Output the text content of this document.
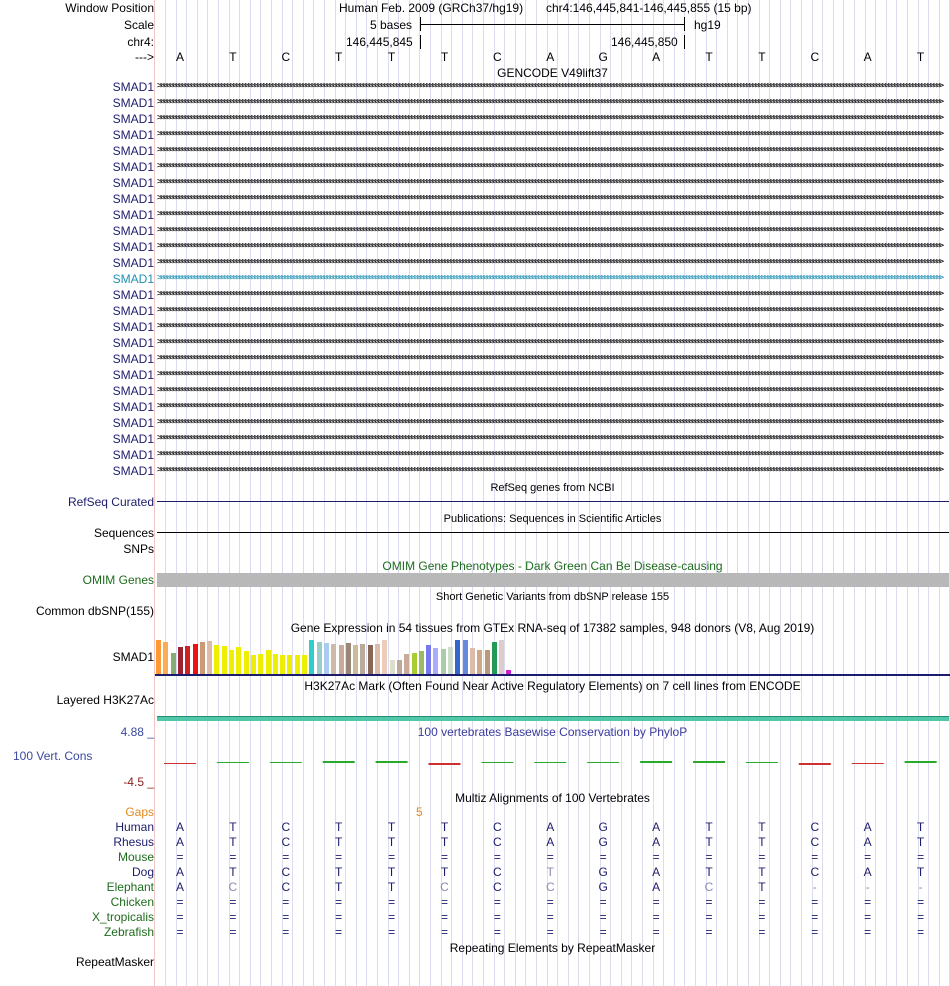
Window Position
Scale
chr4:
--->
Human Feb. 2009 (GRCh37/hg19) chr4:146,445,841-146,445,855 (15 bp)
5 bases	hg19
146,445,845	146,445,850
A	T	C	T	T	T	C	A	G	A	T	T	C	A	T
GENCODE V49lift37
SMAD1 >>>>>>>>>>>>>>>>>>>>>>>>>>>>>>>>>>>>>>>>>>>>>>>>>>>>>>>>>>>>>>>>>>>>>>>>>>>>>>>>>>>>>>>>>>>>>>>>>>>>>>>>>>>>>>>>>>>>>>>>>>>>>>>>>>>>>>>>>>>>>>>>>>>>>>>>>>>>>>>>>>>>>>>>>>>>>>>>>>>>>>>>>>>>>>>>>>>>>>>>>>>>>>>>>>>>>>>>>>>>>>>>>>>>>>>>>>>>>>>>>>>>>>>>>>>>>>>>>>>>
SMAD1 >>>>>>>>>>>>>>>>>>>>>>>>>>>>>>>>>>>>>>>>>>>>>>>>>>>>>>>>>>>>>>>>>>>>>>>>>>>>>>>>>>>>>>>>>>>>>>>>>>>>>>>>>>>>>>>>>>>>>>>>>>>>>>>>>>>>>>>>>>>>>>>>>>>>>>>>>>>>>>>>>>>>>>>>>>>>>>>>>>>>>>>>>>>>>>>>>>>>>>>>>>>>>>>>>>>>>>>>>>>>>>>>>>>>>>>>>>>>>>>>>>>>>>>>>>>>>>>>>>>>
SMAD1 >>>>>>>>>>>>>>>>>>>>>>>>>>>>>>>>>>>>>>>>>>>>>>>>>>>>>>>>>>>>>>>>>>>>>>>>>>>>>>>>>>>>>>>>>>>>>>>>>>>>>>>>>>>>>>>>>>>>>>>>>>>>>>>>>>>>>>>>>>>>>>>>>>>>>>>>>>>>>>>>>>>>>>>>>>>>>>>>>>>>>>>>>>>>>>>>>>>>>>>>>>>>>>>>>>>>>>>>>>>>>>>>>>>>>>>>>>>>>>>>>>>>>>>>>>>>>>>>>>>>
SMAD1 >>>>>>>>>>>>>>>>>>>>>>>>>>>>>>>>>>>>>>>>>>>>>>>>>>>>>>>>>>>>>>>>>>>>>>>>>>>>>>>>>>>>>>>>>>>>>>>>>>>>>>>>>>>>>>>>>>>>>>>>>>>>>>>>>>>>>>>>>>>>>>>>>>>>>>>>>>>>>>>>>>>>>>>>>>>>>>>>>>>>>>>>>>>>>>>>>>>>>>>>>>>>>>>>>>>>>>>>>>>>>>>>>>>>>>>>>>>>>>>>>>>>>>>>>>>>>>>>>>>>
SMAD1 >>>>>>>>>>>>>>>>>>>>>>>>>>>>>>>>>>>>>>>>>>>>>>>>>>>>>>>>>>>>>>>>>>>>>>>>>>>>>>>>>>>>>>>>>>>>>>>>>>>>>>>>>>>>>>>>>>>>>>>>>>>>>>>>>>>>>>>>>>>>>>>>>>>>>>>>>>>>>>>>>>>>>>>>>>>>>>>>>>>>>>>>>>>>>>>>>>>>>>>>>>>>>>>>>>>>>>>>>>>>>>>>>>>>>>>>>>>>>>>>>>>>>>>>>>>>>>>>>>>>
SMAD1 >>>>>>>>>>>>>>>>>>>>>>>>>>>>>>>>>>>>>>>>>>>>>>>>>>>>>>>>>>>>>>>>>>>>>>>>>>>>>>>>>>>>>>>>>>>>>>>>>>>>>>>>>>>>>>>>>>>>>>>>>>>>>>>>>>>>>>>>>>>>>>>>>>>>>>>>>>>>>>>>>>>>>>>>>>>>>>>>>>>>>>>>>>>>>>>>>>>>>>>>>>>>>>>>>>>>>>>>>>>>>>>>>>>>>>>>>>>>>>>>>>>>>>>>>>>>>>>>>>>>
SMAD1 >>>>>>>>>>>>>>>>>>>>>>>>>>>>>>>>>>>>>>>>>>>>>>>>>>>>>>>>>>>>>>>>>>>>>>>>>>>>>>>>>>>>>>>>>>>>>>>>>>>>>>>>>>>>>>>>>>>>>>>>>>>>>>>>>>>>>>>>>>>>>>>>>>>>>>>>>>>>>>>>>>>>>>>>>>>>>>>>>>>>>>>>>>>>>>>>>>>>>>>>>>>>>>>>>>>>>>>>>>>>>>>>>>>>>>>>>>>>>>>>>>>>>>>>>>>>>>>>>>>>
SMAD1 >>>>>>>>>>>>>>>>>>>>>>>>>>>>>>>>>>>>>>>>>>>>>>>>>>>>>>>>>>>>>>>>>>>>>>>>>>>>>>>>>>>>>>>>>>>>>>>>>>>>>>>>>>>>>>>>>>>>>>>>>>>>>>>>>>>>>>>>>>>>>>>>>>>>>>>>>>>>>>>>>>>>>>>>>>>>>>>>>>>>>>>>>>>>>>>>>>>>>>>>>>>>>>>>>>>>>>>>>>>>>>>>>>>>>>>>>>>>>>>>>>>>>>>>>>>>>>>>>>>>
SMAD1 >>>>>>>>>>>>>>>>>>>>>>>>>>>>>>>>>>>>>>>>>>>>>>>>>>>>>>>>>>>>>>>>>>>>>>>>>>>>>>>>>>>>>>>>>>>>>>>>>>>>>>>>>>>>>>>>>>>>>>>>>>>>>>>>>>>>>>>>>>>>>>>>>>>>>>>>>>>>>>>>>>>>>>>>>>>>>>>>>>>>>>>>>>>>>>>>>>>>>>>>>>>>>>>>>>>>>>>>>>>>>>>>>>>>>>>>>>>>>>>>>>>>>>>>>>>>>>>>>>>>
SMAD1 >>>>>>>>>>>>>>>>>>>>>>>>>>>>>>>>>>>>>>>>>>>>>>>>>>>>>>>>>>>>>>>>>>>>>>>>>>>>>>>>>>>>>>>>>>>>>>>>>>>>>>>>>>>>>>>>>>>>>>>>>>>>>>>>>>>>>>>>>>>>>>>>>>>>>>>>>>>>>>>>>>>>>>>>>>>>>>>>>>>>>>>>>>>>>>>>>>>>>>>>>>>>>>>>>>>>>>>>>>>>>>>>>>>>>>>>>>>>>>>>>>>>>>>>>>>>>>>>>>>>
SMAD1 >>>>>>>>>>>>>>>>>>>>>>>>>>>>>>>>>>>>>>>>>>>>>>>>>>>>>>>>>>>>>>>>>>>>>>>>>>>>>>>>>>>>>>>>>>>>>>>>>>>>>>>>>>>>>>>>>>>>>>>>>>>>>>>>>>>>>>>>>>>>>>>>>>>>>>>>>>>>>>>>>>>>>>>>>>>>>>>>>>>>>>>>>>>>>>>>>>>>>>>>>>>>>>>>>>>>>>>>>>>>>>>>>>>>>>>>>>>>>>>>>>>>>>>>>>>>>>>>>>>>
SMAD1 >>>>>>>>>>>>>>>>>>>>>>>>>>>>>>>>>>>>>>>>>>>>>>>>>>>>>>>>>>>>>>>>>>>>>>>>>>>>>>>>>>>>>>>>>>>>>>>>>>>>>>>>>>>>>>>>>>>>>>>>>>>>>>>>>>>>>>>>>>>>>>>>>>>>>>>>>>>>>>>>>>>>>>>>>>>>>>>>>>>>>>>>>>>>>>>>>>>>>>>>>>>>>>>>>>>>>>>>>>>>>>>>>>>>>>>>>>>>>>>>>>>>>>>>>>>>>>>>>>>>
SMAD1 >>>>>>>>>>>>>>>>>>>>>>>>>>>>>>>>>>>>>>>>>>>>>>>>>>>>>>>>>>>>>>>>>>>>>>>>>>>>>>>>>>>>>>>>>>>>>>>>>>>>>>>>>>>>>>>>>>>>>>>>>>>>>>>>>>>>>>>>>>>>>>>>>>>>>>>>>>>>>>>>>>>>>>>>>>>>>>>>>>>>>>>>>>>>>>>>>>>>>>>>>>>>>>>>>>>>>>>>>>>>>>>>>>>>>>>>>>>>>>>>>>>>>>>>>>>>>>>>>>>>
SMAD1 >>>>>>>>>>>>>>>>>>>>>>>>>>>>>>>>>>>>>>>>>>>>>>>>>>>>>>>>>>>>>>>>>>>>>>>>>>>>>>>>>>>>>>>>>>>>>>>>>>>>>>>>>>>>>>>>>>>>>>>>>>>>>>>>>>>>>>>>>>>>>>>>>>>>>>>>>>>>>>>>>>>>>>>>>>>>>>>>>>>>>>>>>>>>>>>>>>>>>>>>>>>>>>>>>>>>>>>>>>>>>>>>>>>>>>>>>>>>>>>>>>>>>>>>>>>>>>>>>>>>
SMAD1 >>>>>>>>>>>>>>>>>>>>>>>>>>>>>>>>>>>>>>>>>>>>>>>>>>>>>>>>>>>>>>>>>>>>>>>>>>>>>>>>>>>>>>>>>>>>>>>>>>>>>>>>>>>>>>>>>>>>>>>>>>>>>>>>>>>>>>>>>>>>>>>>>>>>>>>>>>>>>>>>>>>>>>>>>>>>>>>>>>>>>>>>>>>>>>>>>>>>>>>>>>>>>>>>>>>>>>>>>>>>>>>>>>>>>>>>>>>>>>>>>>>>>>>>>>>>>>>>>>>>
SMAD1 >>>>>>>>>>>>>>>>>>>>>>>>>>>>>>>>>>>>>>>>>>>>>>>>>>>>>>>>>>>>>>>>>>>>>>>>>>>>>>>>>>>>>>>>>>>>>>>>>>>>>>>>>>>>>>>>>>>>>>>>>>>>>>>>>>>>>>>>>>>>>>>>>>>>>>>>>>>>>>>>>>>>>>>>>>>>>>>>>>>>>>>>>>>>>>>>>>>>>>>>>>>>>>>>>>>>>>>>>>>>>>>>>>>>>>>>>>>>>>>>>>>>>>>>>>>>>>>>>>>>
SMAD1 >>>>>>>>>>>>>>>>>>>>>>>>>>>>>>>>>>>>>>>>>>>>>>>>>>>>>>>>>>>>>>>>>>>>>>>>>>>>>>>>>>>>>>>>>>>>>>>>>>>>>>>>>>>>>>>>>>>>>>>>>>>>>>>>>>>>>>>>>>>>>>>>>>>>>>>>>>>>>>>>>>>>>>>>>>>>>>>>>>>>>>>>>>>>>>>>>>>>>>>>>>>>>>>>>>>>>>>>>>>>>>>>>>>>>>>>>>>>>>>>>>>>>>>>>>>>>>>>>>>>
SMAD1 >>>>>>>>>>>>>>>>>>>>>>>>>>>>>>>>>>>>>>>>>>>>>>>>>>>>>>>>>>>>>>>>>>>>>>>>>>>>>>>>>>>>>>>>>>>>>>>>>>>>>>>>>>>>>>>>>>>>>>>>>>>>>>>>>>>>>>>>>>>>>>>>>>>>>>>>>>>>>>>>>>>>>>>>>>>>>>>>>>>>>>>>>>>>>>>>>>>>>>>>>>>>>>>>>>>>>>>>>>>>>>>>>>>>>>>>>>>>>>>>>>>>>>>>>>>>>>>>>>>>
SMAD1 >>>>>>>>>>>>>>>>>>>>>>>>>>>>>>>>>>>>>>>>>>>>>>>>>>>>>>>>>>>>>>>>>>>>>>>>>>>>>>>>>>>>>>>>>>>>>>>>>>>>>>>>>>>>>>>>>>>>>>>>>>>>>>>>>>>>>>>>>>>>>>>>>>>>>>>>>>>>>>>>>>>>>>>>>>>>>>>>>>>>>>>>>>>>>>>>>>>>>>>>>>>>>>>>>>>>>>>>>>>>>>>>>>>>>>>>>>>>>>>>>>>>>>>>>>>>>>>>>>>>
SMAD1 >>>>>>>>>>>>>>>>>>>>>>>>>>>>>>>>>>>>>>>>>>>>>>>>>>>>>>>>>>>>>>>>>>>>>>>>>>>>>>>>>>>>>>>>>>>>>>>>>>>>>>>>>>>>>>>>>>>>>>>>>>>>>>>>>>>>>>>>>>>>>>>>>>>>>>>>>>>>>>>>>>>>>>>>>>>>>>>>>>>>>>>>>>>>>>>>>>>>>>>>>>>>>>>>>>>>>>>>>>>>>>>>>>>>>>>>>>>>>>>>>>>>>>>>>>>>>>>>>>>>
SMAD1 >>>>>>>>>>>>>>>>>>>>>>>>>>>>>>>>>>>>>>>>>>>>>>>>>>>>>>>>>>>>>>>>>>>>>>>>>>>>>>>>>>>>>>>>>>>>>>>>>>>>>>>>>>>>>>>>>>>>>>>>>>>>>>>>>>>>>>>>>>>>>>>>>>>>>>>>>>>>>>>>>>>>>>>>>>>>>>>>>>>>>>>>>>>>>>>>>>>>>>>>>>>>>>>>>>>>>>>>>>>>>>>>>>>>>>>>>>>>>>>>>>>>>>>>>>>>>>>>>>>>
SMAD1 >>>>>>>>>>>>>>>>>>>>>>>>>>>>>>>>>>>>>>>>>>>>>>>>>>>>>>>>>>>>>>>>>>>>>>>>>>>>>>>>>>>>>>>>>>>>>>>>>>>>>>>>>>>>>>>>>>>>>>>>>>>>>>>>>>>>>>>>>>>>>>>>>>>>>>>>>>>>>>>>>>>>>>>>>>>>>>>>>>>>>>>>>>>>>>>>>>>>>>>>>>>>>>>>>>>>>>>>>>>>>>>>>>>>>>>>>>>>>>>>>>>>>>>>>>>>>>>>>>>>
SMAD1 >>>>>>>>>>>>>>>>>>>>>>>>>>>>>>>>>>>>>>>>>>>>>>>>>>>>>>>>>>>>>>>>>>>>>>>>>>>>>>>>>>>>>>>>>>>>>>>>>>>>>>>>>>>>>>>>>>>>>>>>>>>>>>>>>>>>>>>>>>>>>>>>>>>>>>>>>>>>>>>>>>>>>>>>>>>>>>>>>>>>>>>>>>>>>>>>>>>>>>>>>>>>>>>>>>>>>>>>>>>>>>>>>>>>>>>>>>>>>>>>>>>>>>>>>>>>>>>>>>>>
SMAD1 >>>>>>>>>>>>>>>>>>>>>>>>>>>>>>>>>>>>>>>>>>>>>>>>>>>>>>>>>>>>>>>>>>>>>>>>>>>>>>>>>>>>>>>>>>>>>>>>>>>>>>>>>>>>>>>>>>>>>>>>>>>>>>>>>>>>>>>>>>>>>>>>>>>>>>>>>>>>>>>>>>>>>>>>>>>>>>>>>>>>>>>>>>>>>>>>>>>>>>>>>>>>>>>>>>>>>>>>>>>>>>>>>>>>>>>>>>>>>>>>>>>>>>>>>>>>>>>>>>>>
SMAD1 >>>>>>>>>>>>>>>>>>>>>>>>>>>>>>>>>>>>>>>>>>>>>>>>>>>>>>>>>>>>>>>>>>>>>>>>>>>>>>>>>>>>>>>>>>>>>>>>>>>>>>>>>>>>>>>>>>>>>>>>>>>>>>>>>>>>>>>>>>>>>>>>>>>>>>>>>>>>>>>>>>>>>>>>>>>>>>>>>>>>>>>>>>>>>>>>>>>>>>>>>>>>>>>>>>>>>>>>>>>>>>>>>>>>>>>>>>>>>>>>>>>>>>>>>>>>>>>>>>>>
RefSeq genes from NCBI
RefSeq Curated
Publications: Sequences in Scientific Articles
Sequences
SNPs
OMIM Gene Phenotypes - Dark Green Can Be Disease-causing
OMIM Genes
Short Genetic Variants from dbSNP release 155
Common dbSNP(155)
Gene Expression in 54 tissues from GTEx RNA-seq of 17382 samples, 948 donors (V8, Aug 2019)
SMAD1
H3K27Ac Mark (Often Found Near Active Regulatory Elements) on 7 cell lines from ENCODE
Layered H3K27Ac
100 vertebrates Basewise Conservation by PhyloP
4.88 _
100 Vert. Cons
-4.5 _
Multiz Alignments of 100 Vertebrates
Gaps	5
Human	A	T	C	T	T	T	C	A	G	A	T	T	C	A	T
Rhesus	A	T	C	T	T	T	C	A	G	A	T	T	C	A	T
Mouse	=	=	=	=	=	=	=	=	=	=	=	=	=	=	=
Dog	A	T	C	T	T	T	C	T	G	A	T	T	C	A	T
Elephant	A	C	C	T	T	C	C	C	G	A	C	T	-	-	-
Chicken	=	=	=	=	=	=	=	=	=	=	=	=	=	=	=
X_tropicalis	=	=	=	=	=	=	=	=	=	=	=	=	=	=	=
Zebrafish	=	=	=	=	=	=	=	=	=	=	=	=	=	=	=
Repeating Elements by RepeatMasker
RepeatMasker
